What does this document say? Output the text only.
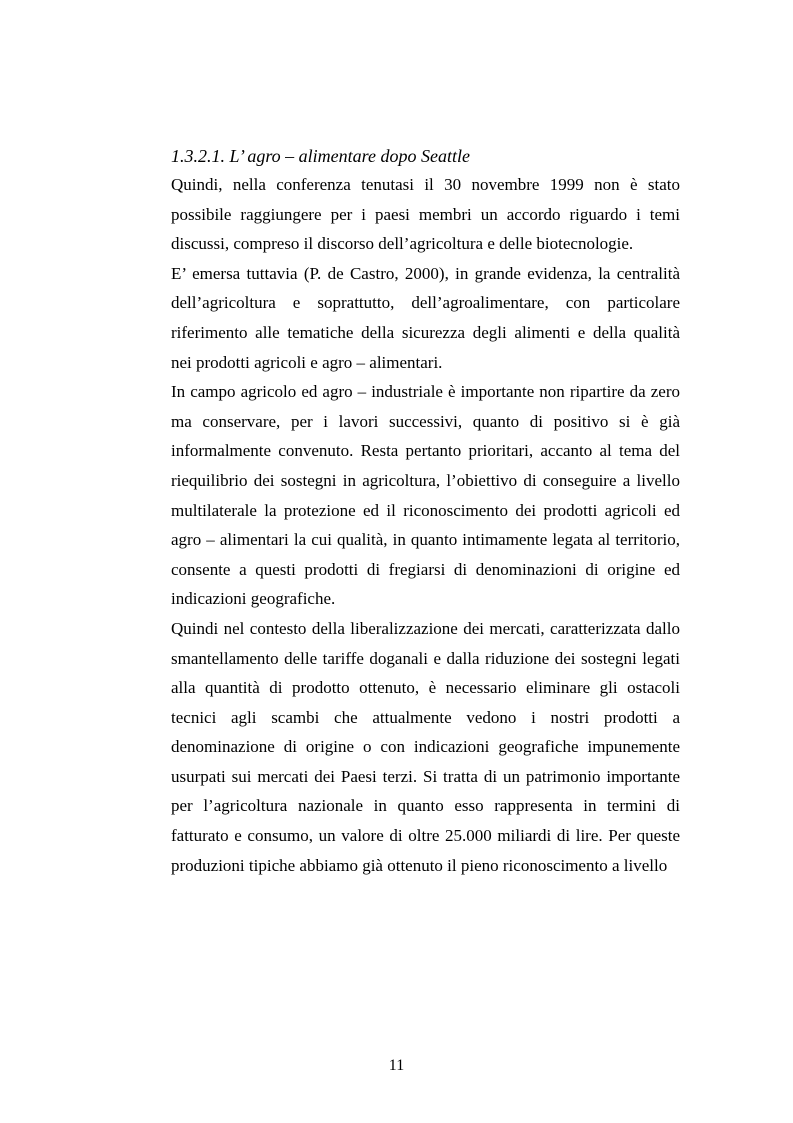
1.3.2.1. L’ agro – alimentare dopo Seattle

Quindi, nella conferenza tenutasi il 30 novembre 1999 non è stato
possibile raggiungere per i paesi membri un accordo riguardo i temi
discussi, compreso il discorso dell’agricoltura e delle biotecnologie.

E’ emersa tuttavia (P. de Castro, 2000), in grande evidenza, la centralità
dell’agricoltura e soprattutto, dell’agroalimentare, con particolare
riferimento alle tematiche della sicurezza degli alimenti e della qualità
nei prodotti agricoli e agro – alimentari.

In campo agricolo ed agro – industriale è importante non ripartire da zero
ma conservare, per i lavori successivi, quanto di positivo si è già
informalmente convenuto. Resta pertanto prioritari, accanto al tema del
riequilibrio dei sostegni in agricoltura, l’obiettivo di conseguire a livello
multilaterale la protezione ed il riconoscimento dei prodotti agricoli ed
agro – alimentari la cui qualità, in quanto intimamente legata al territorio,
consente a questi prodotti di fregiarsi di denominazioni di origine ed
indicazioni geografiche.

Quindi nel contesto della liberalizzazione dei mercati, caratterizzata dallo
smantellamento delle tariffe doganali e dalla riduzione dei sostegni legati
alla quantità di prodotto ottenuto, è necessario eliminare gli ostacoli
tecnici agli scambi che attualmente vedono i nostri prodotti a
denominazione di origine o con indicazioni geografiche impunemente
usurpati sui mercati dei Paesi terzi. Si tratta di un patrimonio importante
per l’agricoltura nazionale in quanto esso rappresenta in termini di
fatturato e consumo, un valore di oltre 25.000 miliardi di lire. Per queste
produzioni tipiche abbiamo già ottenuto il pieno riconoscimento a livello

11
